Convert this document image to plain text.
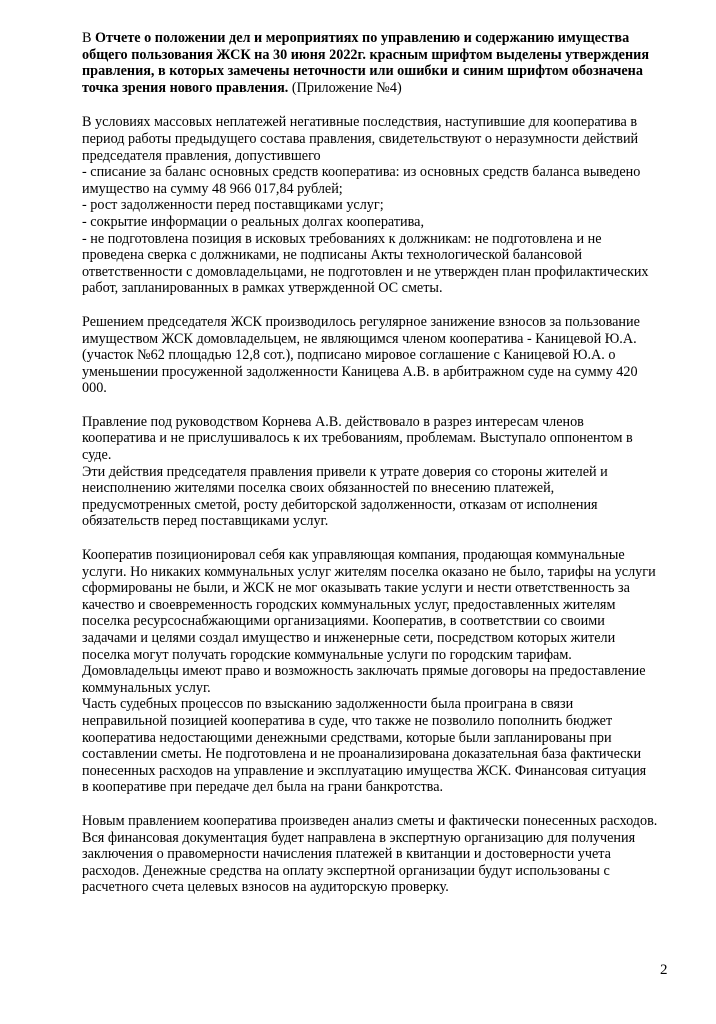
В Отчете о положении дел и мероприятиях по управлению и содержанию имущества
общего пользования ЖСК на 30 июня 2022г. красным шрифтом выделены утверждения
правления, в которых замечены неточности или ошибки и синим шрифтом обозначена
точка зрения нового правления. (Приложение №4)
В условиях массовых неплатежей негативные последствия, наступившие для кооператива в
период работы предыдущего состава правления, свидетельствуют о неразумности действий
председателя правления, допустившего
- списание за баланс основных средств кооператива: из основных средств баланса выведено
имущество на сумму 48 966 017,84 рублей;
- рост задолженности перед поставщиками услуг;
- сокрытие информации о реальных долгах кооператива,
- не подготовлена позиция в исковых требованиях к должникам: не подготовлена и не
проведена сверка с должниками, не подписаны Акты технологической балансовой
ответственности с домовладельцами, не подготовлен и не утвержден план профилактических
работ, запланированных в рамках утвержденной ОС сметы.
Решением председателя ЖСК производилось регулярное занижение взносов за пользование
имуществом ЖСК домовладельцем, не являющимся членом кооператива - Каницевой Ю.А.
(участок №62 площадью 12,8 сот.), подписано мировое соглашение с Каницевой Ю.А. о
уменьшении просуженной задолженности Каницева А.В. в арбитражном суде на сумму 420
000.
Правление под руководством Корнева А.В. действовало в разрез интересам членов
кооператива и не прислушивалось к их требованиям, проблемам. Выступало оппонентом в
суде.
Эти действия председателя правления привели к утрате доверия со стороны жителей и
неисполнению жителями поселка своих обязанностей по внесению платежей,
предусмотренных сметой, росту дебиторской задолженности, отказам от исполнения
обязательств перед поставщиками услуг.
Кооператив позиционировал себя как управляющая компания, продающая коммунальные
услуги. Но никаких коммунальных услуг жителям поселка оказано не было, тарифы на услуги
сформированы не были, и ЖСК не мог оказывать такие услуги и нести ответственность за
качество и своевременность городских коммунальных услуг, предоставленных жителям
поселка ресурсоснабжающими организациями. Кооператив, в соответствии со своими
задачами и целями создал имущество и инженерные сети, посредством которых жители
поселка могут получать городские коммунальные услуги по городским тарифам.
Домовладельцы имеют право и возможность заключать прямые договоры на предоставление
коммунальных услуг.
Часть судебных процессов по взысканию задолженности была проиграна в связи
неправильной позицией кооператива в суде, что также не позволило пополнить бюджет
кооператива недостающими денежными средствами, которые были запланированы при
составлении сметы. Не подготовлена и не проанализирована доказательная база фактически
понесенных расходов на управление и эксплуатацию имущества ЖСК. Финансовая ситуация
в кооперативе при передаче дел была на грани банкротства.
Новым правлением кооператива произведен анализ сметы и фактически понесенных расходов.
Вся финансовая документация будет направлена в экспертную организацию для получения
заключения о правомерности начисления платежей в квитанции и достоверности учета
расходов. Денежные средства на оплату экспертной организации будут использованы с
расчетного счета целевых взносов на аудиторскую проверку.
2
